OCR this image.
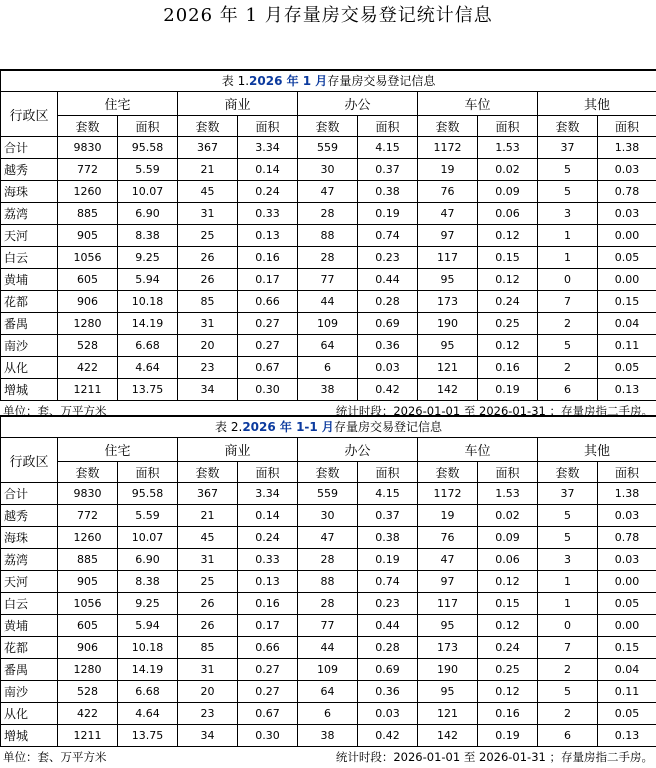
2026 年 1 月存量房交易登记统计信息
表 1.2026 年 1 月存量房交易登记信息										
行政区	住宅		商业		办公		车位		其他	
	套数	面积	套数	面积	套数	面积	套数	面积	套数	面积
合计	9830	95.58	367	3.34	559	4.15	1172	1.53	37	1.38
越秀	772	5.59	21	0.14	30	0.37	19	0.02	5	0.03
海珠	1260	10.07	45	0.24	47	0.38	76	0.09	5	0.78
荔湾	885	6.90	31	0.33	28	0.19	47	0.06	3	0.03
天河	905	8.38	25	0.13	88	0.74	97	0.12	1	0.00
白云	1056	9.25	26	0.16	28	0.23	117	0.15	1	0.05
黄埔	605	5.94	26	0.17	77	0.44	95	0.12	0	0.00
花都	906	10.18	85	0.66	44	0.28	173	0.24	7	0.15
番禺	1280	14.19	31	0.27	109	0.69	190	0.25	2	0.04
南沙	528	6.68	20	0.27	64	0.36	95	0.12	5	0.11
从化	422	4.64	23	0.67	6	0.03	121	0.16	2	0.05
增城	1211	13.75	34	0.30	38	0.42	142	0.19	6	0.13
单位：套、万平方米	统计时段：2026-01-01 至 2026-01-31 ；存量房指二手房。
表 2.2026 年 1-1 月存量房交易登记信息										
行政区	住宅		商业		办公		车位		其他	
	套数	面积	套数	面积	套数	面积	套数	面积	套数	面积
合计	9830	95.58	367	3.34	559	4.15	1172	1.53	37	1.38
越秀	772	5.59	21	0.14	30	0.37	19	0.02	5	0.03
海珠	1260	10.07	45	0.24	47	0.38	76	0.09	5	0.78
荔湾	885	6.90	31	0.33	28	0.19	47	0.06	3	0.03
天河	905	8.38	25	0.13	88	0.74	97	0.12	1	0.00
白云	1056	9.25	26	0.16	28	0.23	117	0.15	1	0.05
黄埔	605	5.94	26	0.17	77	0.44	95	0.12	0	0.00
花都	906	10.18	85	0.66	44	0.28	173	0.24	7	0.15
番禺	1280	14.19	31	0.27	109	0.69	190	0.25	2	0.04
南沙	528	6.68	20	0.27	64	0.36	95	0.12	5	0.11
从化	422	4.64	23	0.67	6	0.03	121	0.16	2	0.05
增城	1211	13.75	34	0.30	38	0.42	142	0.19	6	0.13
单位：套、万平方米	统计时段：2026-01-01 至 2026-01-31 ；存量房指二手房。
